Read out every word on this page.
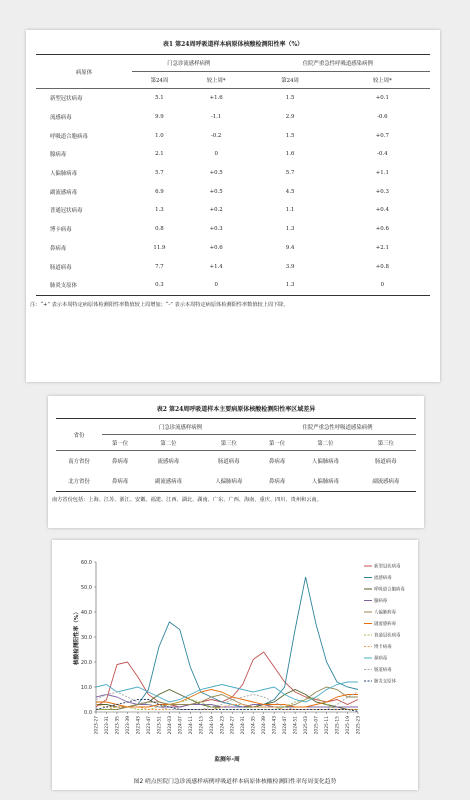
表1 第24周呼吸道样本病原体核酸检测阳性率（%）
病原体	门急诊流感样病例		住院严重急性呼吸道感染病例	
	第24周	较上周*	第24周	较上周*
新型冠状病毒	5.1	+1.6	1.5	+0.1
流感病毒	9.9	-1.1	2.9	-0.6
呼吸道合胞病毒	1.0	-0.2	1.5	+0.7
腺病毒	2.1	0	1.6	-0.4
人偏肺病毒	5.7	+0.5	5.7	+1.1
副流感病毒	6.9	+0.5	4.5	+0.3
普通冠状病毒	1.3	+0.2	1.1	+0.4
博卡病毒	0.8	+0.3	1.3	+0.6
鼻病毒	11.9	+0.6	9.4	+2.1
肠道病毒	7.7	+1.4	3.9	+0.8
肺炎支原体	0.3	0	1.3	0
注：“+” 表示本周特定病原体检测阳性率数值较上周增加；“-” 表示本周特定病原体检测阳性率数值较上周下降。
表2 第24周呼吸道样本主要病原体核酸检测阳性率区域差异
省份	门急诊流感样病例			住院严重急性呼吸道感染病例		
	第一位	第二位	第三位	第一位	第二位	第三位
南方省份	鼻病毒	流感病毒	肠道病毒	鼻病毒	人偏肺病毒	肠道病毒
北方省份	鼻病毒	副流感病毒	人偏肺病毒	鼻病毒	人偏肺病毒	副流感病毒
南方省份包括：上海、江苏、浙江、安徽、福建、江西、湖北、湖南、广东、广西、海南、重庆、四川、贵州和云南。
0.0
10.0
20.0
30.0
40.0
50.0
60.0
2023-27 2023-31 2023-35 2023-39 2023-43 2023-47 2023-51 2024-03 2024-07 2024-11 2024-15 2024-19 2024-23 2024-27 2024-31 2024-35 2024-39 2024-43 2024-47 2024-51 2025-03 2025-07 2025-11 2025-15 2025-19 2025-23
核酸检测阳性率（%）
监测年-周
新型冠状病毒
流感病毒
呼吸道合胞病毒
腺病毒
人偏肺病毒
副流感病毒
普通冠状病毒
博卡病毒
鼻病毒
肠道病毒
肺炎支原体
图2 哨点医院门急诊流感样病例呼吸道样本病原体核酸检测阳性率每周变化趋势
